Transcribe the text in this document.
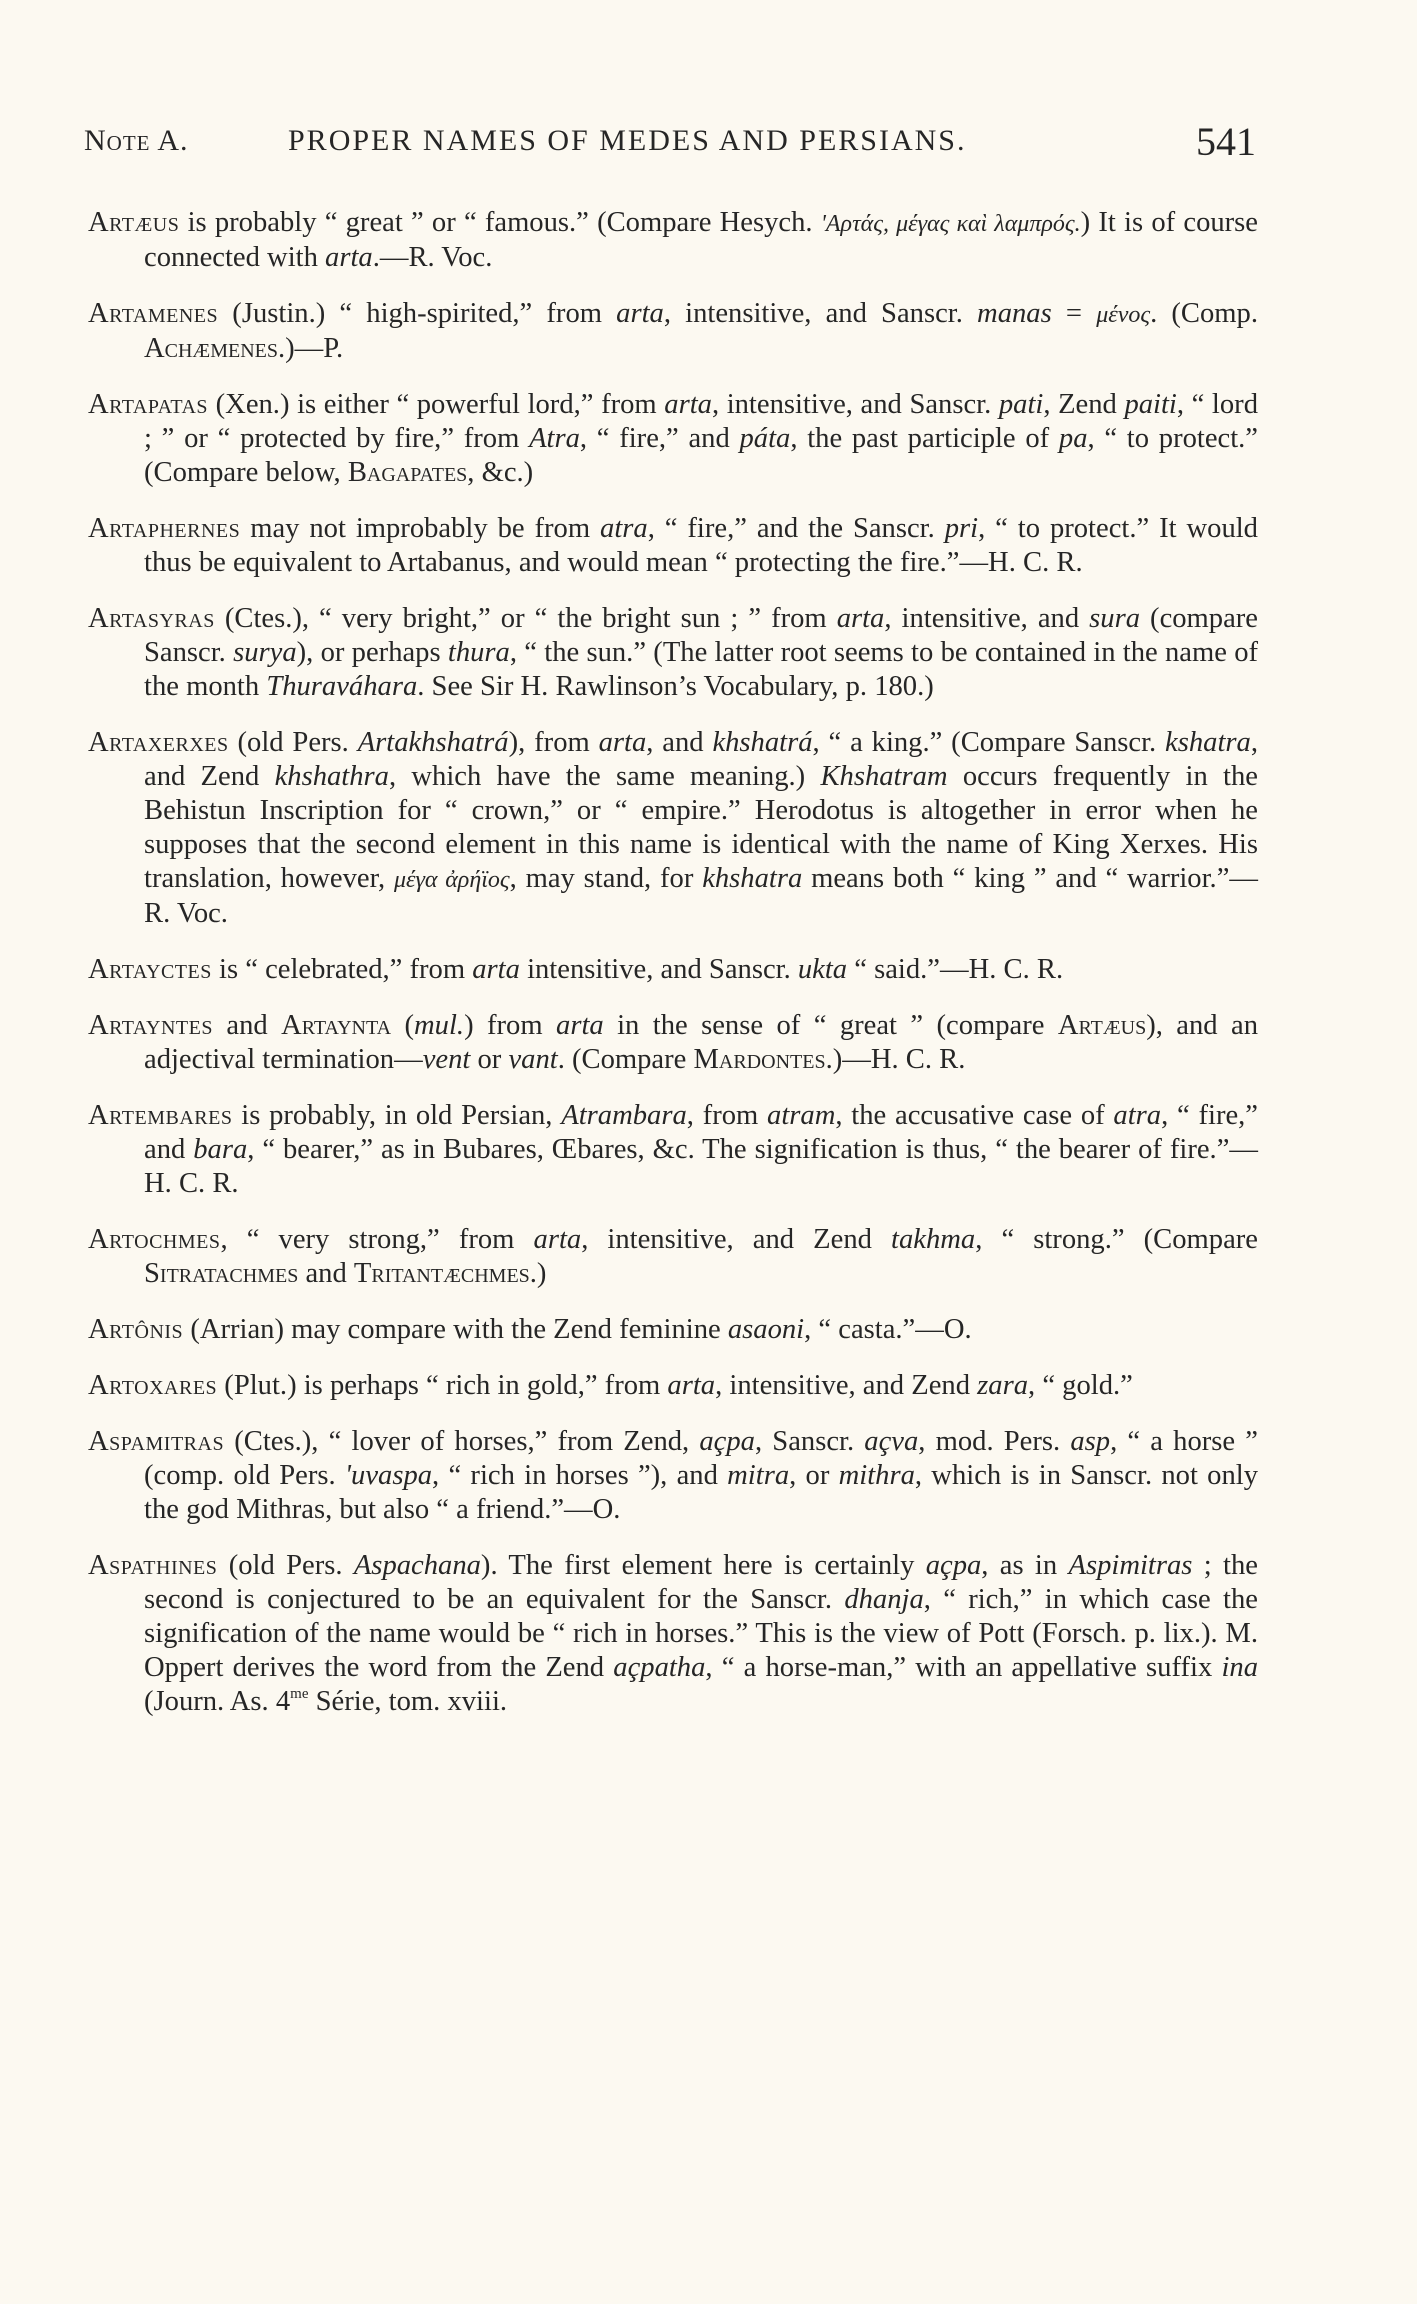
Note A.	PROPER NAMES OF MEDES AND PERSIANS.	541

Artæus is probably “ great ” or “ famous.” (Compare Hesych. 'Αρτάς, μέγας καὶ λαμπρός.) It is of course connected with arta.—R. Voc.

Artamenes (Justin.) “ high-spirited,” from arta, intensitive, and Sanscr. manas = μένος. (Comp. Achæmenes.)—P.

Artapatas (Xen.) is either “ powerful lord,” from arta, intensitive, and Sanscr. pati, Zend paiti, “ lord ; ” or “ protected by fire,” from Atra, “ fire,” and páta, the past participle of pa, “ to protect.” (Compare below, Bagapates, &c.)

Artaphernes may not improbably be from atra, “ fire,” and the Sanscr. pri, “ to protect.” It would thus be equivalent to Artabanus, and would mean “ protecting the fire.”—H. C. R.

Artasyras (Ctes.), “ very bright,” or “ the bright sun ; ” from arta, intensitive, and sura (compare Sanscr. surya), or perhaps thura, “ the sun.” (The latter root seems to be contained in the name of the month Thuraváhara. See Sir H. Rawlinson’s Vocabulary, p. 180.)

Artaxerxes (old Pers. Artakhshatrá), from arta, and khshatrá, “ a king.” (Compare Sanscr. kshatra, and Zend khshathra, which have the same meaning.) Khshatram occurs frequently in the Behistun Inscription for “ crown,” or “ empire.” Herodotus is altogether in error when he supposes that the second element in this name is identical with the name of King Xerxes. His translation, however, μέγα ἀρήϊος, may stand, for khshatra means both “ king ” and “ warrior.”—R. Voc.

Artayctes is “ celebrated,” from arta intensitive, and Sanscr. ukta “ said.”—H. C. R.

Artayntes and Artaynta (mul.) from arta in the sense of “ great ” (compare Artæus), and an adjectival termination—vent or vant. (Compare Mardontes.)—H. C. R.

Artembares is probably, in old Persian, Atrambara, from atram, the accusative case of atra, “ fire,” and bara, “ bearer,” as in Bubares, Œbares, &c. The signification is thus, “ the bearer of fire.”—H. C. R.

Artochmes, “ very strong,” from arta, intensitive, and Zend takhma, “ strong.” (Compare Sitratachmes and Tritantæchmes.)

Artônis (Arrian) may compare with the Zend feminine asaoni, “ casta.”—O.

Artoxares (Plut.) is perhaps “ rich in gold,” from arta, intensitive, and Zend zara, “ gold.”

Aspamitras (Ctes.), “ lover of horses,” from Zend, açpa, Sanscr. açva, mod. Pers. asp, “ a horse ” (comp. old Pers. 'uvaspa, “ rich in horses ”), and mitra, or mithra, which is in Sanscr. not only the god Mithras, but also “ a friend.”—O.

Aspathines (old Pers. Aspachana). The first element here is certainly açpa, as in Aspimitras ; the second is conjectured to be an equivalent for the Sanscr. dhanja, “ rich,” in which case the signification of the name would be “ rich in horses.” This is the view of Pott (Forsch. p. lix.). M. Oppert derives the word from the Zend açpatha, “ a horse-man,” with an appellative suffix ina (Journ. As. $4^{me}$ Série, tom. xviii.
